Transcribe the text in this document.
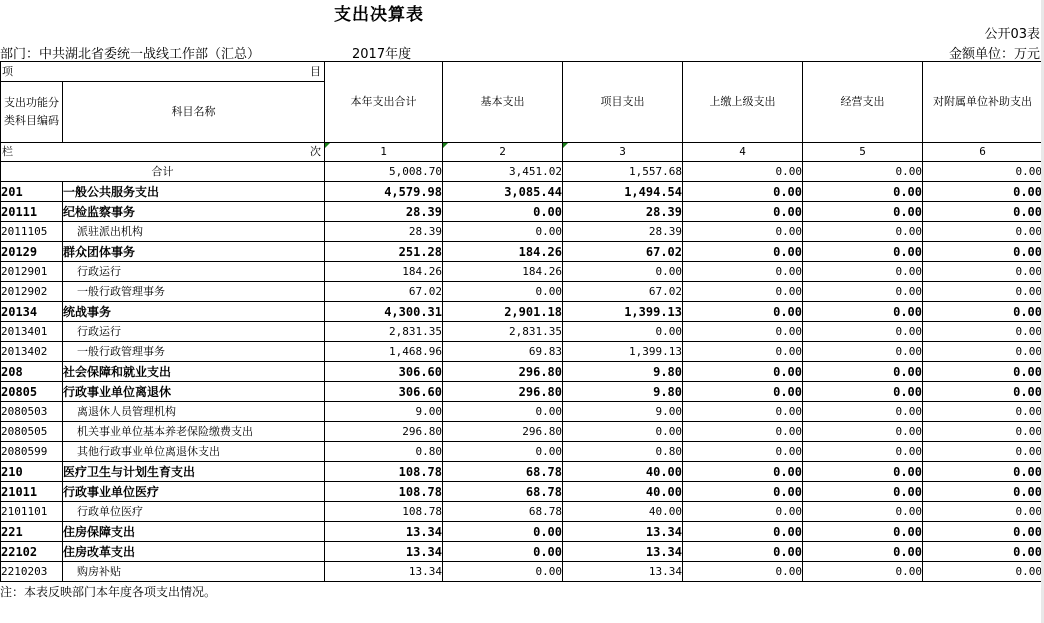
支出决算表
公开03表
部门：中共湖北省委统一战线工作部（汇总）	2017年度	金额单位：万元
项 目		本年支出合计	基本支出	项目支出	上缴上级支出	经营支出	对附属单位补助支出
支出功能分类科目编码	科目名称						

栏 次		1	2	3	4	5	6
合计		5,008.70	3,451.02	1,557.68	0.00	0.00	0.00
201	一般公共服务支出	4,579.98	3,085.44	1,494.54	0.00	0.00	0.00
20111	纪检监察事务	28.39	0.00	28.39	0.00	0.00	0.00
2011105	派驻派出机构	28.39	0.00	28.39	0.00	0.00	0.00
20129	群众团体事务	251.28	184.26	67.02	0.00	0.00	0.00
2012901	行政运行	184.26	184.26	0.00	0.00	0.00	0.00
2012902	一般行政管理事务	67.02	0.00	67.02	0.00	0.00	0.00
20134	统战事务	4,300.31	2,901.18	1,399.13	0.00	0.00	0.00
2013401	行政运行	2,831.35	2,831.35	0.00	0.00	0.00	0.00
2013402	一般行政管理事务	1,468.96	69.83	1,399.13	0.00	0.00	0.00
208	社会保障和就业支出	306.60	296.80	9.80	0.00	0.00	0.00
20805	行政事业单位离退休	306.60	296.80	9.80	0.00	0.00	0.00
2080503	离退休人员管理机构	9.00	0.00	9.00	0.00	0.00	0.00
2080505	机关事业单位基本养老保险缴费支出	296.80	296.80	0.00	0.00	0.00	0.00
2080599	其他行政事业单位离退休支出	0.80	0.00	0.80	0.00	0.00	0.00
210	医疗卫生与计划生育支出	108.78	68.78	40.00	0.00	0.00	0.00
21011	行政事业单位医疗	108.78	68.78	40.00	0.00	0.00	0.00
2101101	行政单位医疗	108.78	68.78	40.00	0.00	0.00	0.00
221	住房保障支出	13.34	0.00	13.34	0.00	0.00	0.00
22102	住房改革支出	13.34	0.00	13.34	0.00	0.00	0.00
2210203	购房补贴	13.34	0.00	13.34	0.00	0.00	0.00
注：本表反映部门本年度各项支出情况。
